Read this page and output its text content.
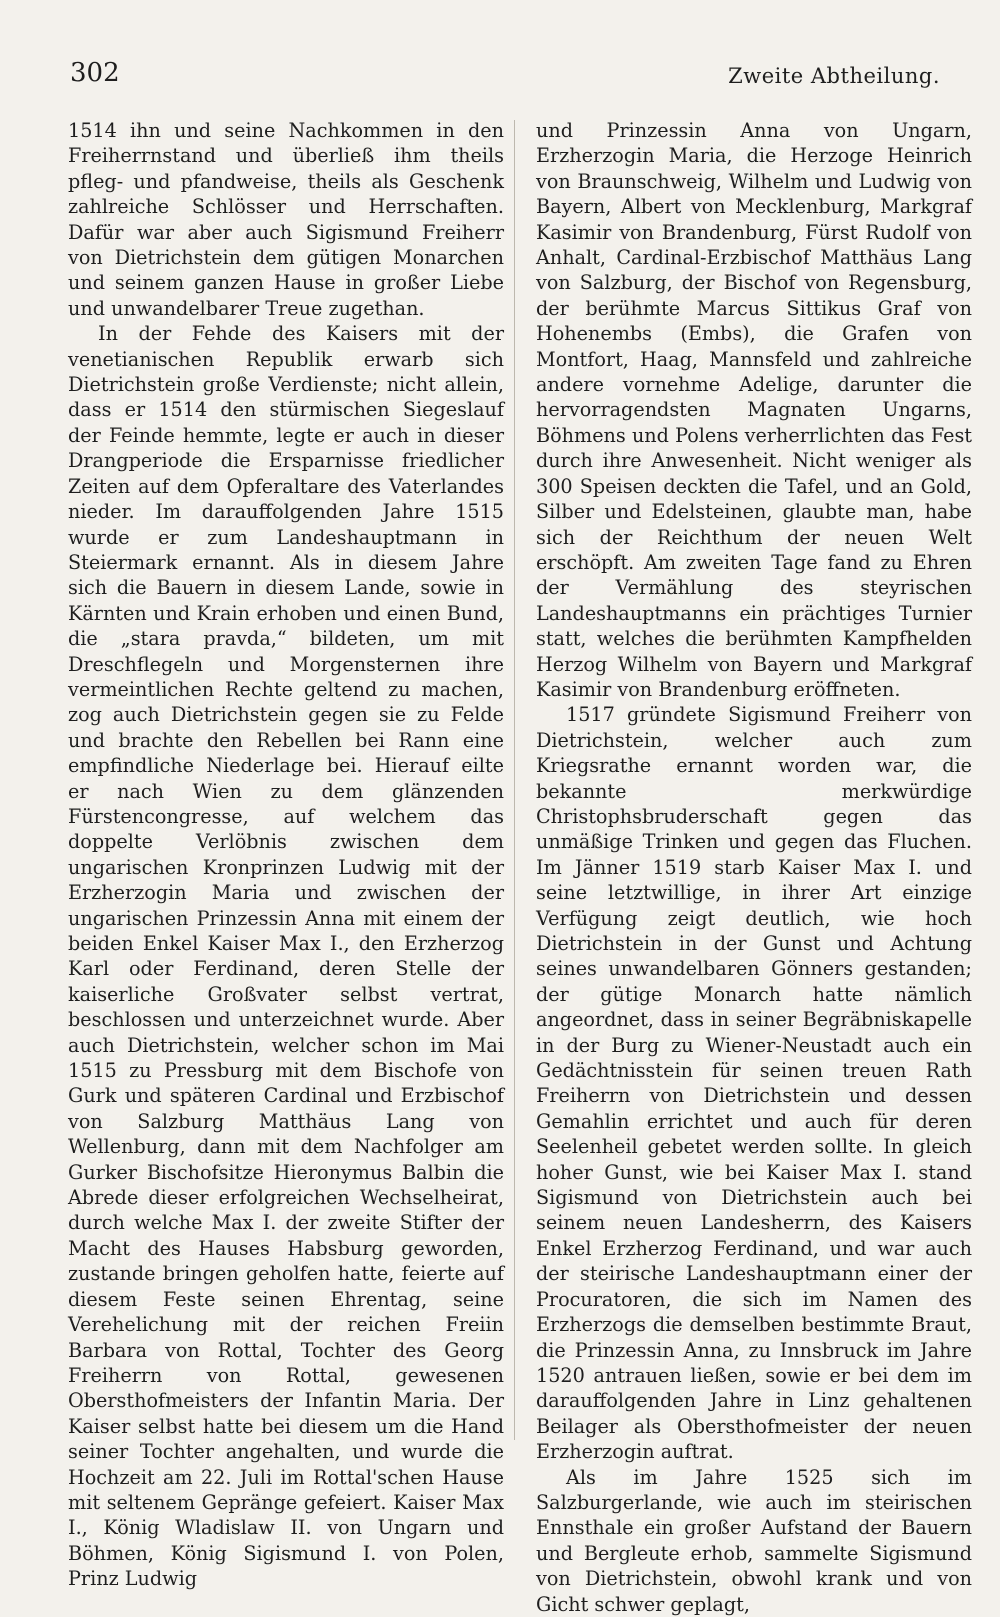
302	Zweite Abtheilung.

1514 ihn und seine Nachkommen in den Freiherrnstand und überließ ihm theils pfleg- und pfandweise, theils als Geschenk zahlreiche Schlösser und Herrschaften. Dafür war aber auch Sigismund Freiherr von Dietrichstein dem gütigen Monarchen und seinem ganzen Hause in großer Liebe und unwandelbarer Treue zugethan.

In der Fehde des Kaisers mit der venetianischen Republik erwarb sich Dietrichstein große Verdienste; nicht allein, dass er 1514 den stürmischen Siegeslauf der Feinde hemmte, legte er auch in dieser Drangperiode die Ersparnisse friedlicher Zeiten auf dem Opferaltare des Vaterlandes nieder. Im darauffolgenden Jahre 1515 wurde er zum Landeshauptmann in Steiermark ernannt. Als in diesem Jahre sich die Bauern in diesem Lande, sowie in Kärnten und Krain erhoben und einen Bund, die „stara pravda,“ bildeten, um mit Dreschflegeln und Morgensternen ihre vermeintlichen Rechte geltend zu machen, zog auch Dietrichstein gegen sie zu Felde und brachte den Rebellen bei Rann eine empfindliche Niederlage bei. Hierauf eilte er nach Wien zu dem glänzenden Fürstencongresse, auf welchem das doppelte Verlöbnis zwischen dem ungarischen Kronprinzen Ludwig mit der Erzherzogin Maria und zwischen der ungarischen Prinzessin Anna mit einem der beiden Enkel Kaiser Max I., den Erzherzog Karl oder Ferdinand, deren Stelle der kaiserliche Großvater selbst vertrat, beschlossen und unterzeichnet wurde. Aber auch Dietrichstein, welcher schon im Mai 1515 zu Pressburg mit dem Bischofe von Gurk und späteren Cardinal und Erzbischof von Salzburg Matthäus Lang von Wellenburg, dann mit dem Nachfolger am Gurker Bischofsitze Hieronymus Balbin die Abrede dieser erfolgreichen Wechselheirat, durch welche Max I. der zweite Stifter der Macht des Hauses Habsburg geworden, zustande bringen geholfen hatte, feierte auf diesem Feste seinen Ehrentag, seine Verehelichung mit der reichen Freiin Barbara von Rottal, Tochter des Georg Freiherrn von Rottal, gewesenen Obersthofmeisters der Infantin Maria. Der Kaiser selbst hatte bei diesem um die Hand seiner Tochter angehalten, und wurde die Hochzeit am 22. Juli im Rottal'schen Hause mit seltenem Gepränge gefeiert. Kaiser Max I., König Wladislaw II. von Ungarn und Böhmen, König Sigismund I. von Polen, Prinz Ludwig

und Prinzessin Anna von Ungarn, Erzherzogin Maria, die Herzoge Heinrich von Braunschweig, Wilhelm und Ludwig von Bayern, Albert von Mecklenburg, Markgraf Kasimir von Brandenburg, Fürst Rudolf von Anhalt, Cardinal-Erzbischof Matthäus Lang von Salzburg, der Bischof von Regensburg, der berühmte Marcus Sittikus Graf von Hohenembs (Embs), die Grafen von Montfort, Haag, Mannsfeld und zahlreiche andere vornehme Adelige, darunter die hervorragendsten Magnaten Ungarns, Böhmens und Polens verherrlichten das Fest durch ihre Anwesenheit. Nicht weniger als 300 Speisen deckten die Tafel, und an Gold, Silber und Edelsteinen, glaubte man, habe sich der Reichthum der neuen Welt erschöpft. Am zweiten Tage fand zu Ehren der Vermählung des steyrischen Landeshauptmanns ein prächtiges Turnier statt, welches die berühmten Kampfhelden Herzog Wilhelm von Bayern und Markgraf Kasimir von Brandenburg eröffneten.

1517 gründete Sigismund Freiherr von Dietrichstein, welcher auch zum Kriegsrathe ernannt worden war, die bekannte merkwürdige Christophsbruderschaft gegen das unmäßige Trinken und gegen das Fluchen. Im Jänner 1519 starb Kaiser Max I. und seine letztwillige, in ihrer Art einzige Verfügung zeigt deutlich, wie hoch Dietrichstein in der Gunst und Achtung seines unwandelbaren Gönners gestanden; der gütige Monarch hatte nämlich angeordnet, dass in seiner Begräbniskapelle in der Burg zu Wiener-Neustadt auch ein Gedächtnisstein für seinen treuen Rath Freiherrn von Dietrichstein und dessen Gemahlin errichtet und auch für deren Seelenheil gebetet werden sollte. In gleich hoher Gunst, wie bei Kaiser Max I. stand Sigismund von Dietrichstein auch bei seinem neuen Landesherrn, des Kaisers Enkel Erzherzog Ferdinand, und war auch der steirische Landeshauptmann einer der Procuratoren, die sich im Namen des Erzherzogs die demselben bestimmte Braut, die Prinzessin Anna, zu Innsbruck im Jahre 1520 antrauen ließen, sowie er bei dem im darauffolgenden Jahre in Linz gehaltenen Beilager als Obersthofmeister der neuen Erzherzogin auftrat.

Als im Jahre 1525 sich im Salzburgerlande, wie auch im steirischen Ennsthale ein großer Aufstand der Bauern und Bergleute erhob, sammelte Sigismund von Dietrichstein, obwohl krank und von Gicht schwer geplagt,
